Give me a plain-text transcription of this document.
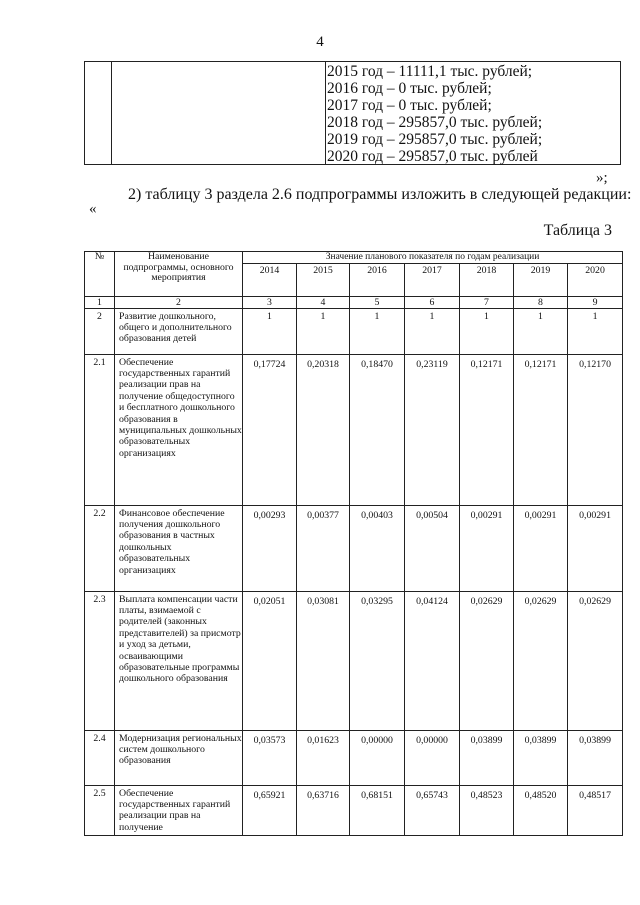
4
2015 год – 11111,1 тыс. рублей;
2016 год – 0 тыс. рублей;
2017 год – 0 тыс. рублей;
2018 год – 295857,0 тыс. рублей;
2019 год – 295857,0 тыс. рублей;
2020 год – 295857,0 тыс. рублей
»;
2) таблицу 3 раздела 2.6 подпрограммы изложить в следующей редакции:
«
Таблица 3
№	Наименование подпрограммы, основного мероприятия	Значение планового показателя по годам реализации						
		2014	2015	2016	2017	2018	2019	2020
1	2	3	4	5	6	7	8	9
2	Развитие дошкольного, общего и дополнительного образования детей	1	1	1	1	1	1	1
2.1	Обеспечение государственных гарантий реализации прав на получение общедоступного и бесплатного дошкольного образования в муниципальных дошкольных образовательных организациях	0,17724	0,20318	0,18470	0,23119	0,12171	0,12171	0,12170
2.2	Финансовое обеспечение получения дошкольного образования в частных дошкольных образовательных организациях	0,00293	0,00377	0,00403	0,00504	0,00291	0,00291	0,00291
2.3	Выплата компенсации части платы, взимаемой с родителей (законных представителей) за присмотр и уход за детьми, осваивающими образовательные программы дошкольного образования	0,02051	0,03081	0,03295	0,04124	0,02629	0,02629	0,02629
2.4	Модернизация региональных систем дошкольного образования	0,03573	0,01623	0,00000	0,00000	0,03899	0,03899	0,03899
2.5	Обеспечение государственных гарантий реализации прав на получение	0,65921	0,63716	0,68151	0,65743	0,48523	0,48520	0,48517
